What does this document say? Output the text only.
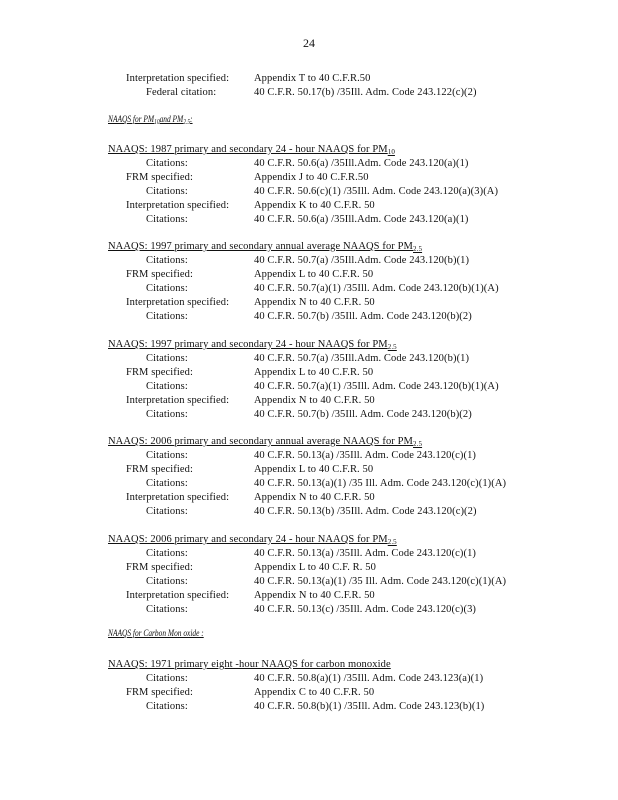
24
Interpretation specified: Appendix T to 40 C.F.R.50
Federal citation:	40 C.F.R. 50.17(b) /35Ill. Adm. Code 243.122(c)(2)
NAAQS for $PM_{10}and$ $PM_{2.5}$:
NAAQS for Carbon Mon oxide :
NAAQS: 1987 primary and secondary 24 - hour NAAQS for $PM_{10}$
Citations:	40 C.F.R. 50.6(a) /35Ill.Adm. Code 243.120(a)(1)
FRM specified:	Appendix J to 40 C.F.R.50
Citations:	40 C.F.R. 50.6(c)(1) /35Ill. Adm. Code 243.120(a)(3)(A)
Interpretation specified: Appendix K to 40 C.F.R. 50
Citations:	40 C.F.R. 50.6(a) /35Ill.Adm. Code 243.120(a)(1)
NAAQS: 1997 primary and secondary annual average NAAQS for $PM_{2.5}$
Citations:	40 C.F.R. 50.7(a) /35Ill.Adm. Code 243.120(b)(1)
FRM specified:	Appendix L to 40 C.F.R. 50
Citations:	40 C.F.R. 50.7(a)(1) /35Ill. Adm. Code 243.120(b)(1)(A)
Interpretation specified: Appendix N to 40 C.F.R. 50
Citations:	40 C.F.R. 50.7(b) /35Ill. Adm. Code 243.120(b)(2)
NAAQS: 1997 primary and secondary 24 - hour NAAQS for $PM_{2.5}$
Citations:	40 C.F.R. 50.7(a) /35Ill.Adm. Code 243.120(b)(1)
FRM specified:	Appendix L to 40 C.F.R. 50
Citations:	40 C.F.R. 50.7(a)(1) /35Ill. Adm. Code 243.120(b)(1)(A)
Interpretation specified: Appendix N to 40 C.F.R. 50
Citations:	40 C.F.R. 50.7(b) /35Ill. Adm. Code 243.120(b)(2)
NAAQS: 2006 primary and secondary annual average NAAQS for $PM_{2.5}$
Citations:	40 C.F.R. 50.13(a) /35Ill. Adm. Code 243.120(c)(1)
FRM specified:	Appendix L to 40 C.F.R. 50
Citations:	40 C.F.R. 50.13(a)(1) /35 Ill. Adm. Code 243.120(c)(1)(A)
Interpretation specified: Appendix N to 40 C.F.R. 50
Citations:	40 C.F.R. 50.13(b) /35Ill. Adm. Code 243.120(c)(2)
NAAQS: 2006 primary and secondary 24 - hour NAAQS for $PM_{2.5}$
Citations:	40 C.F.R. 50.13(a) /35Ill. Adm. Code 243.120(c)(1)
FRM specified:	Appendix L to 40 C.F. R. 50
Citations:	40 C.F.R. 50.13(a)(1) /35 Ill. Adm. Code 243.120(c)(1)(A)
Interpretation specified: Appendix N to 40 C.F.R. 50
Citations:	40 C.F.R. 50.13(c) /35Ill. Adm. Code 243.120(c)(3)
NAAQS: 1971 primary eight -hour NAAQS for carbon monoxide
Citations:	40 C.F.R. 50.8(a)(1) /35Ill. Adm. Code 243.123(a)(1)
FRM specified:	Appendix C to 40 C.F.R. 50
Citations:	40 C.F.R. 50.8(b)(1) /35Ill. Adm. Code 243.123(b)(1)
